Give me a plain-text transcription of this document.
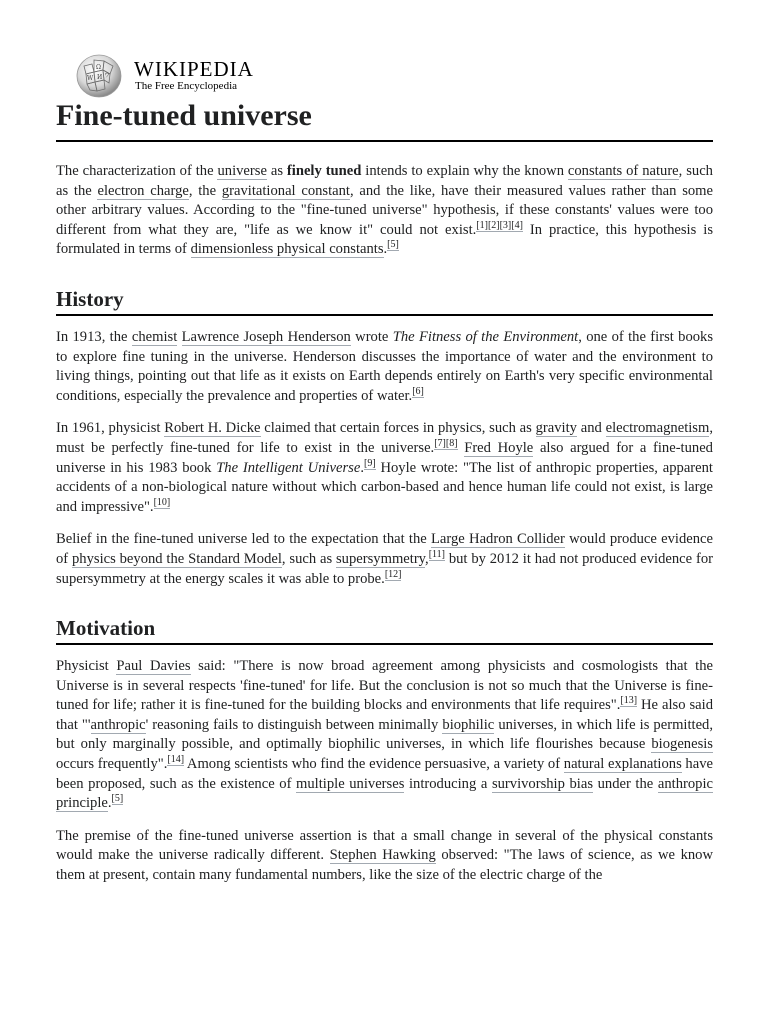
Ω
W И ウ WIKIPEDIA
The Free Encyclopedia
Fine-tuned universe

The characterization of the universe as finely tuned intends to explain why the known constants of nature, such as the electron charge, the gravitational constant, and the like, have their measured values rather than some other arbitrary values. According to the "fine-tuned universe" hypothesis, if these constants' values were too different from what they are, "life as we know it" could not exist.[1][2][3][4] In practice, this hypothesis is formulated in terms of dimensionless physical constants.[5]

History

In 1913, the chemist Lawrence Joseph Henderson wrote The Fitness of the Environment, one of the first books to explore fine tuning in the universe. Henderson discusses the importance of water and the environment to living things, pointing out that life as it exists on Earth depends entirely on Earth's very specific environmental conditions, especially the prevalence and properties of water.[6]

In 1961, physicist Robert H. Dicke claimed that certain forces in physics, such as gravity and electromagnetism, must be perfectly fine-tuned for life to exist in the universe.[7][8] Fred Hoyle also argued for a fine-tuned universe in his 1983 book The Intelligent Universe.[9] Hoyle wrote: "The list of anthropic properties, apparent accidents of a non-biological nature without which carbon-based and hence human life could not exist, is large and impressive".[10]

Belief in the fine-tuned universe led to the expectation that the Large Hadron Collider would produce evidence of physics beyond the Standard Model, such as supersymmetry,[11] but by 2012 it had not produced evidence for supersymmetry at the energy scales it was able to probe.[12]

Motivation

Physicist Paul Davies said: "There is now broad agreement among physicists and cosmologists that the Universe is in several respects 'fine-tuned' for life. But the conclusion is not so much that the Universe is fine-tuned for life; rather it is fine-tuned for the building blocks and environments that life requires".[13] He also said that "'anthropic' reasoning fails to distinguish between minimally biophilic universes, in which life is permitted, but only marginally possible, and optimally biophilic universes, in which life flourishes because biogenesis occurs frequently".[14] Among scientists who find the evidence persuasive, a variety of natural explanations have been proposed, such as the existence of multiple universes introducing a survivorship bias under the anthropic principle.[5]

The premise of the fine-tuned universe assertion is that a small change in several of the physical constants would make the universe radically different. Stephen Hawking observed: "The laws of science, as we know them at present, contain many fundamental numbers, like the size of the electric charge of the
